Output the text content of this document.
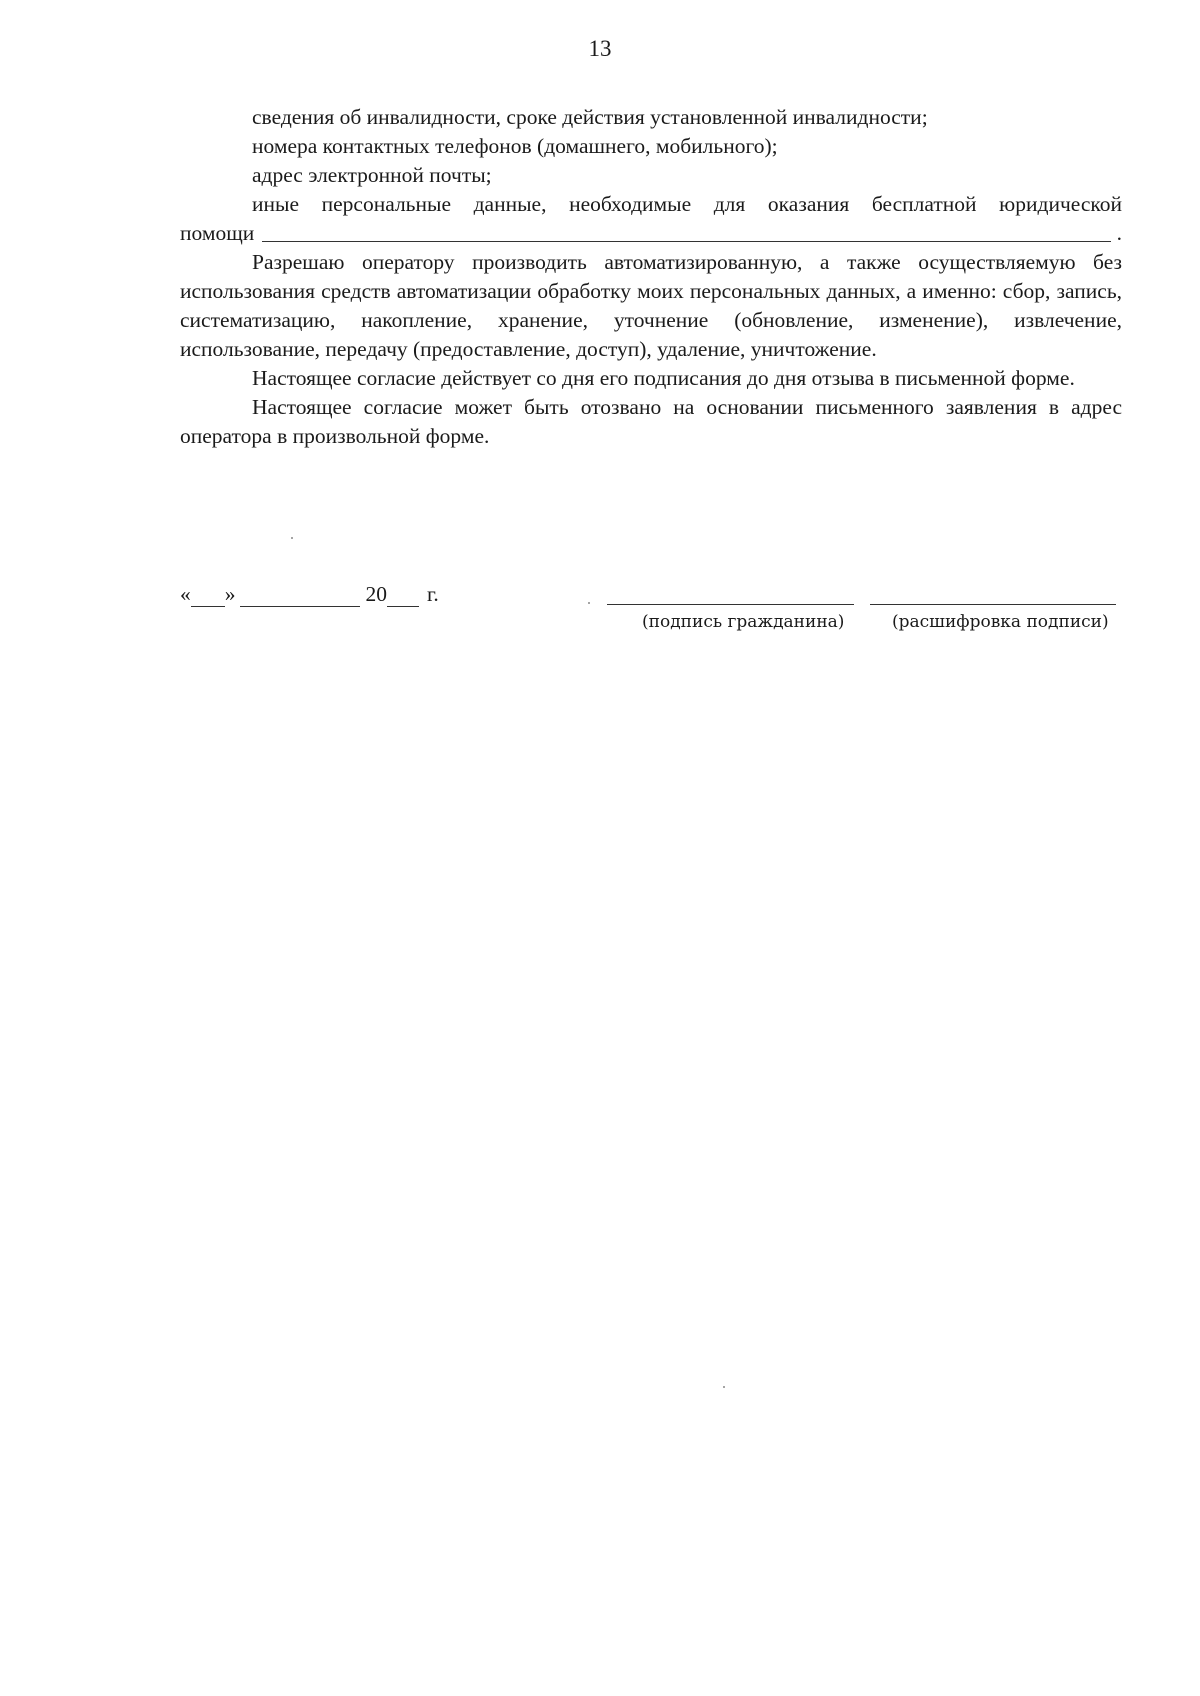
13

сведения об инвалидности, сроке действия установленной инвалидности;

номера контактных телефонов (домашнего, мобильного);

адрес электронной почты;

иные персональные данные, необходимые для оказания бесплатной юридической

помощи	.

Разрешаю оператору производить автоматизированную, а также осуществляемую без использования средств автоматизации обработку моих персональных данных, а именно: сбор, запись, систематизацию, накопление, хранение, уточнение (обновление, изменение), извлечение, использование, передачу (предоставление, доступ), удаление, уничтожение.

Настоящее согласие действует со дня его подписания до дня отзыва в письменной форме.

Настоящее согласие может быть отозвано на основании письменного заявления в адрес оператора в произвольной форме.

« »	20 г.
(подпись гражданина)	(расшифровка подписи)
